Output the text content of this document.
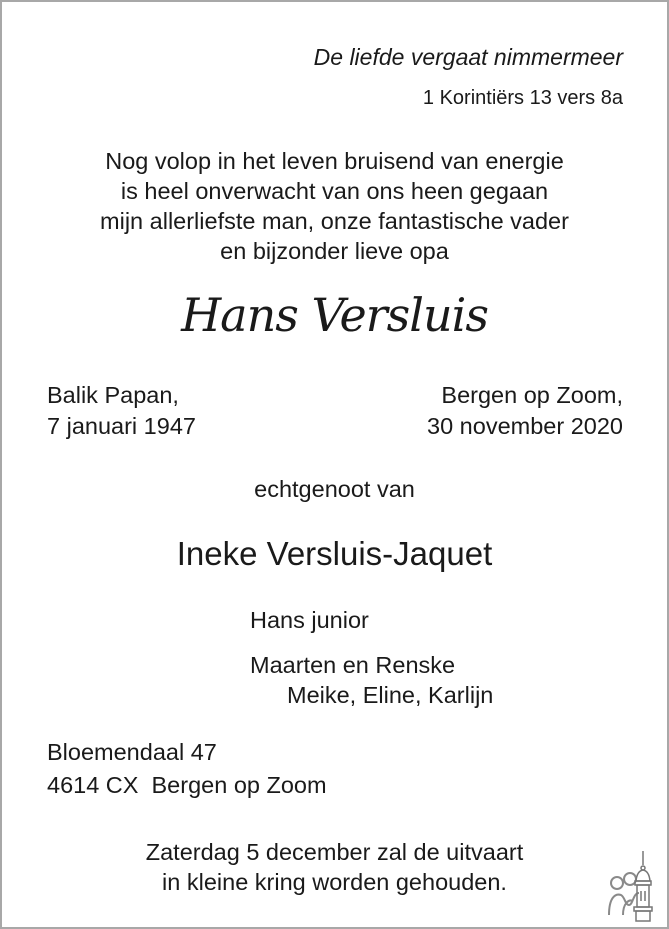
De liefde vergaat nimmermeer
1 Korintiërs 13 vers 8a
Nog volop in het leven bruisend van energie
is heel onverwacht van ons heen gegaan
mijn allerliefste man, onze fantastische vader
en bijzonder lieve opa
Hans Versluis
Balik Papan,
7 januari 1947
Bergen op Zoom,
30 november 2020
echtgenoot van
Ineke Versluis-Jaquet
Hans junior
Maarten en Renske
Meike, Eline, Karlijn
Bloemendaal 47
4614 CX  Bergen op Zoom
Zaterdag 5 december zal de uitvaart
in kleine kring worden gehouden.
